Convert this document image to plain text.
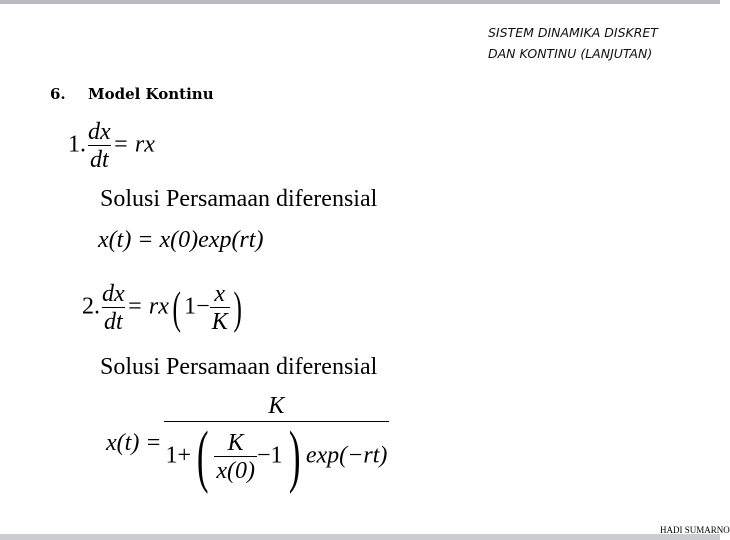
SISTEM DINAMIKA DISKRET
DAN KONTINU (LANJUTAN)
6. Model Kontinu
1. $\frac{dx}{dt}$ = rx
Solusi Persamaan diferensial
x(t) = x(0)exp(rt)
2. $\frac{dx}{dt} = rx$( $1- \frac{x}{K}$ )
Solusi Persamaan diferensial
$x(t) = \frac{K}{1+( \frac{K}{x(0)} -1) \exp(-rt)}$
HADI SUMARNO
